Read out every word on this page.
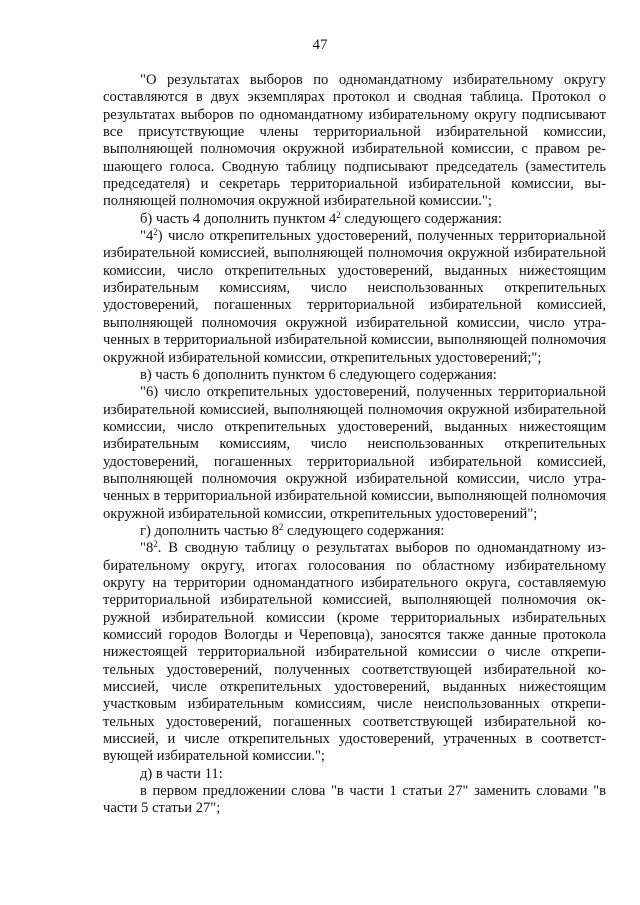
47

"О результатах выборов по одномандатному избирательному округу составляются в двух экземплярах протокол и сводная таблица. Протокол о результатах выборов по одномандатному избирательному округу подписывают все присутствующие члены территориальной избирательной комиссии, выполняющей полномочия окружной избирательной комиссии, с правом решающего голоса. Сводную таблицу подписывают председатель (заместитель председателя) и секретарь территориальной избирательной комиссии, выполняющей полномочия окружной избирательной комиссии.";

б) часть 4 дополнить пунктом $4^2$ следующего содержания:

"$4^2$) число открепительных удостоверений, полученных территориальной избирательной комиссией, выполняющей полномочия окружной избирательной комиссии, число открепительных удостоверений, выданных нижестоящим избирательным комиссиям, число неиспользованных открепительных удостоверений, погашенных территориальной избирательной комиссией, выполняющей полномочия окружной избирательной комиссии, число утраченных в территориальной избирательной комиссии, выполняющей полномочия окружной избирательной комиссии, открепительных удостоверений;";

в) часть 6 дополнить пунктом 6 следующего содержания:

"6) число открепительных удостоверений, полученных территориальной избирательной комиссией, выполняющей полномочия окружной избирательной комиссии, число открепительных удостоверений, выданных нижестоящим избирательным комиссиям, число неиспользованных открепительных удостоверений, погашенных территориальной избирательной комиссией, выполняющей полномочия окружной избирательной комиссии, число утраченных в территориальной избирательной комиссии, выполняющей полномочия окружной избирательной комиссии, открепительных удостоверений";

г) дополнить частью $8^2$ следующего содержания:

"$8^2$. В сводную таблицу о результатах выборов по одномандатному избирательному округу, итогах голосования по областному избирательному округу на территории одномандатного избирательного округа, составляемую территориальной избирательной комиссией, выполняющей полномочия окружной избирательной комиссии (кроме территориальных избирательных комиссий городов Вологды и Череповца), заносятся также данные протокола нижестоящей территориальной избирательной комиссии о числе открепительных удостоверений, полученных соответствующей избирательной комиссией, числе открепительных удостоверений, выданных нижестоящим участковым избирательным комиссиям, числе неиспользованных открепительных удостоверений, погашенных соответствующей избирательной комиссией, и числе открепительных удостоверений, утраченных в соответствующей избирательной комиссии.";

д) в части 11:

в первом предложении слова "в части 1 статьи 27" заменить словами "в части 5 статьи 27";
